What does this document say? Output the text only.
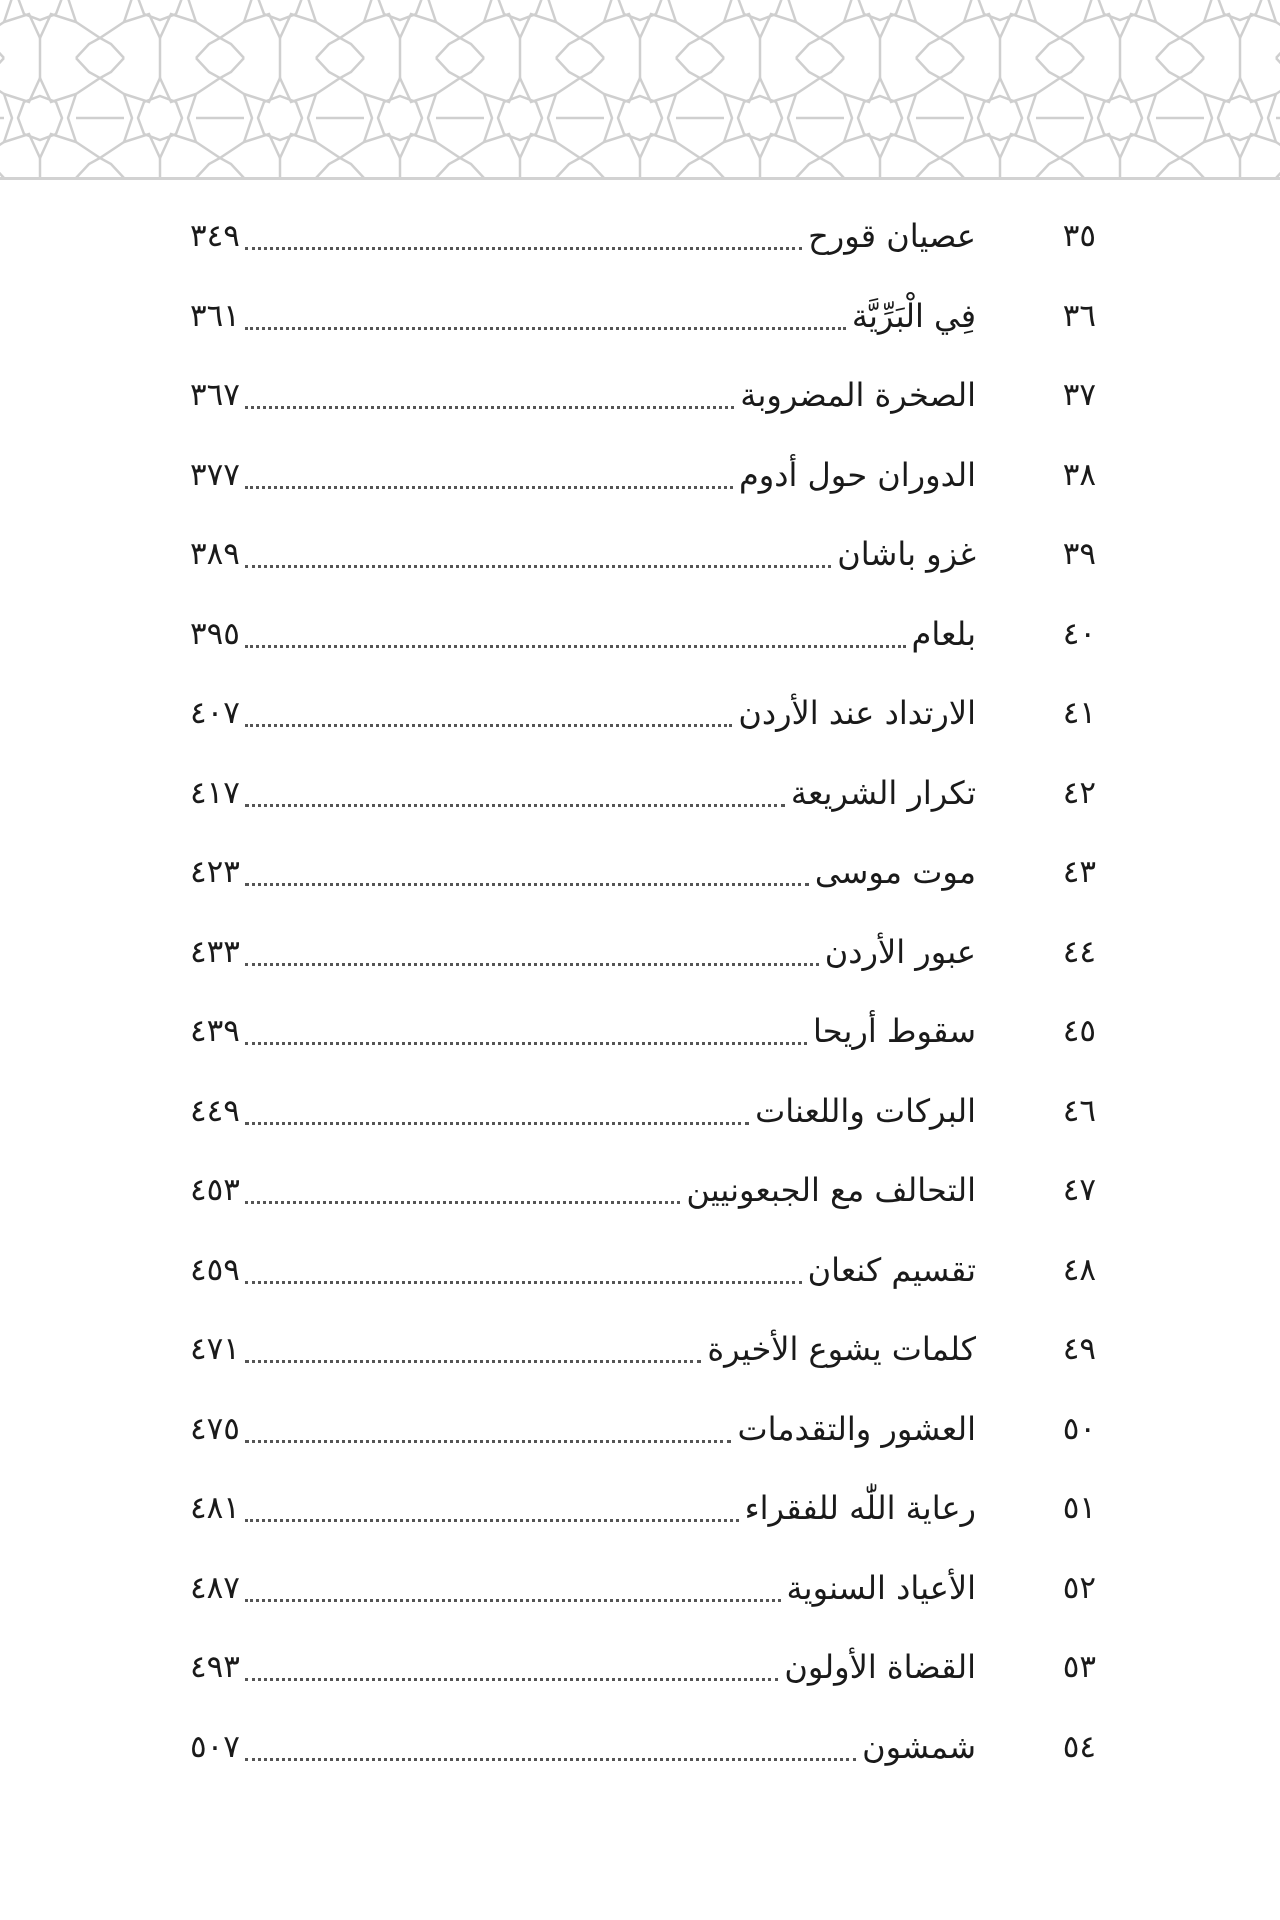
٣٥
عصيان قورح
٣٤٩
٣٦
فِي الْبَرِّيَّة
٣٦١
٣٧
الصخرة المضروبة
٣٦٧
٣٨
الدوران حول أدوم
٣٧٧
٣٩
غزو باشان
٣٨٩
٤٠
بلعام
٣٩٥
٤١
الارتداد عند الأردن
٤٠٧
٤٢
تكرار الشريعة
٤١٧
٤٣
موت موسى
٤٢٣
٤٤
عبور الأردن
٤٣٣
٤٥
سقوط أريحا
٤٣٩
٤٦
البركات واللعنات
٤٤٩
٤٧
التحالف مع الجبعونيين
٤٥٣
٤٨
تقسيم كنعان
٤٥٩
٤٩
كلمات يشوع الأخيرة
٤٧١
٥٠
العشور والتقدمات
٤٧٥
٥١
رعاية اللّٰه للفقراء
٤٨١
٥٢
الأعياد السنوية
٤٨٧
٥٣
القضاة الأولون
٤٩٣
٥٤
شمشون
٥٠٧
